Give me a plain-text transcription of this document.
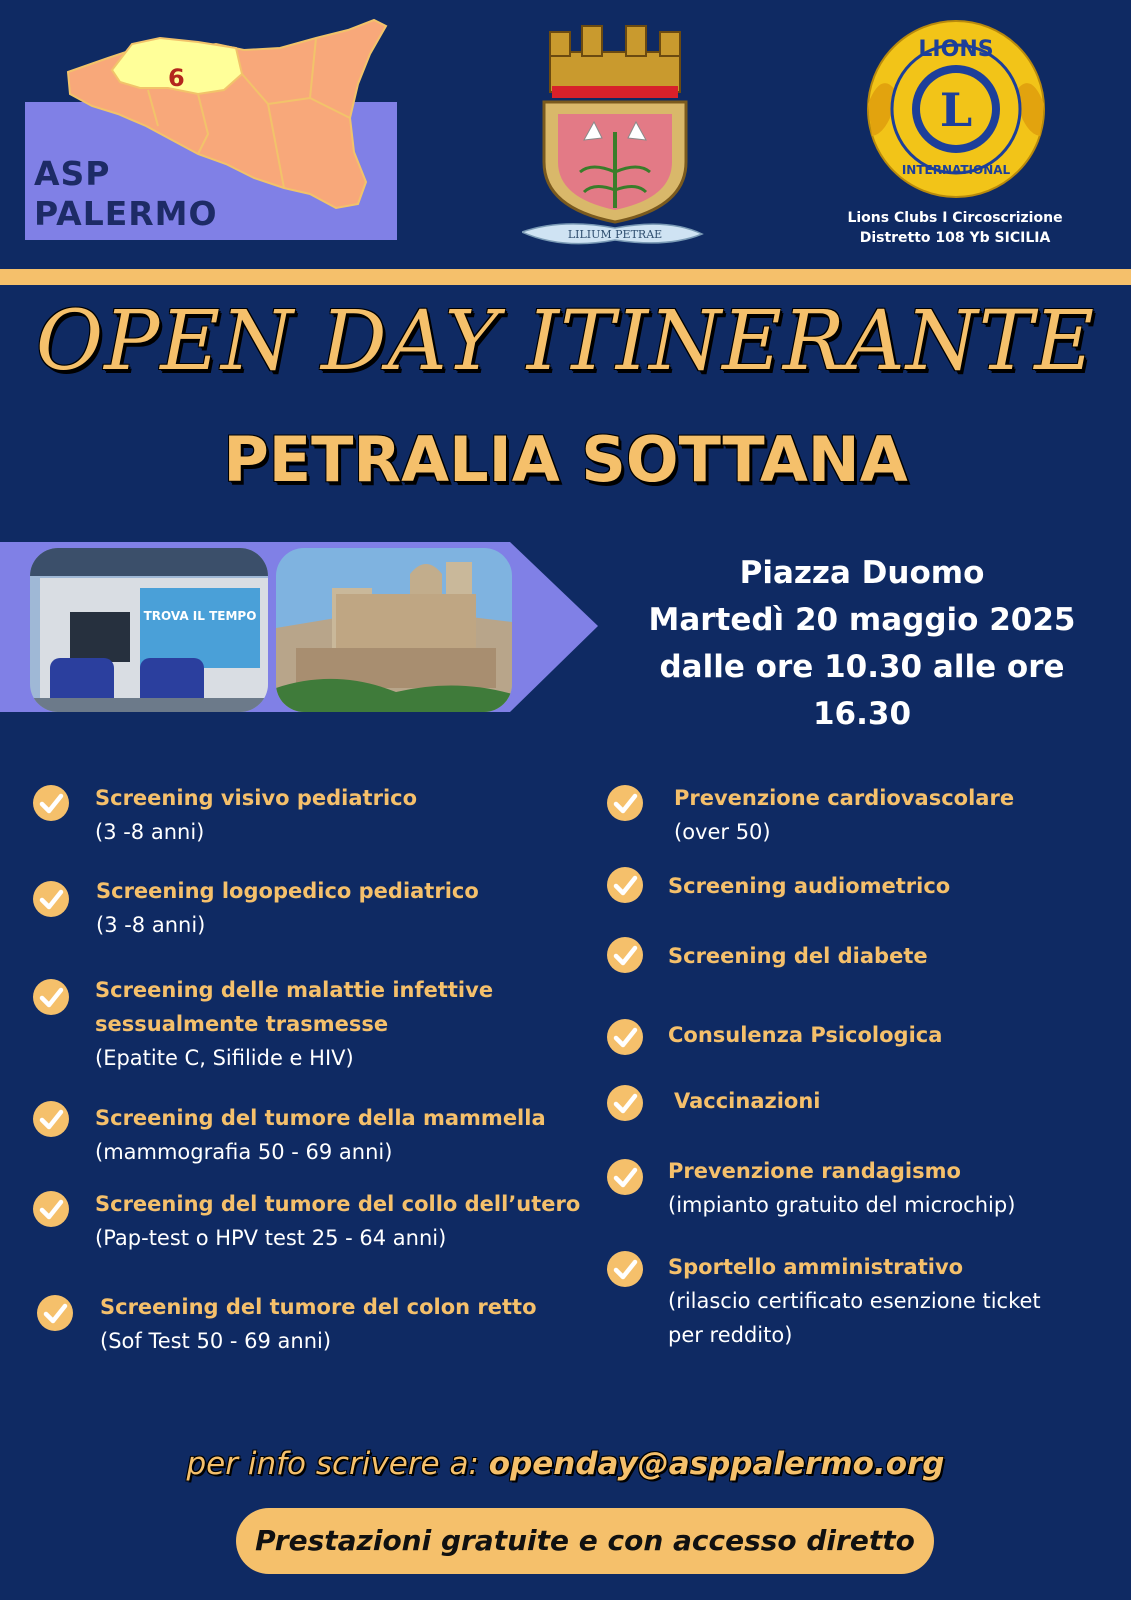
6
ASP
PALERMO
LILIUM PETRAE
L
LIONS
INTERNATIONAL
Lions Clubs I Circoscrizione
Distretto 108 Yb SICILIA
OPEN DAY ITINERANTE
PETRALIA SOTTANA
TROVA IL TEMPO
Piazza Duomo
Martedì 20 maggio 2025
dalle ore 10.30 alle ore 16.30
Screening visivo pediatrico
(3 -8 anni)
Screening logopedico pediatrico
(3 -8 anni)
Screening delle malattie infettive
sessualmente trasmesse
(Epatite C, Sifilide e HIV)
Screening del tumore della mammella
(mammografia 50 - 69 anni)
Screening del tumore del collo dell’utero
(Pap-test o HPV test 25 - 64 anni)
Screening del tumore del colon retto
(Sof Test 50 - 69 anni)
Prevenzione cardiovascolare
(over 50)
Screening audiometrico
Screening del diabete
Consulenza Psicologica
Vaccinazioni
Prevenzione randagismo
(impianto gratuito del microchip)
Sportello amministrativo
(rilascio certificato esenzione ticket
per reddito)
per info scrivere a: openday@asppalermo.org
Prestazioni gratuite e con accesso diretto
